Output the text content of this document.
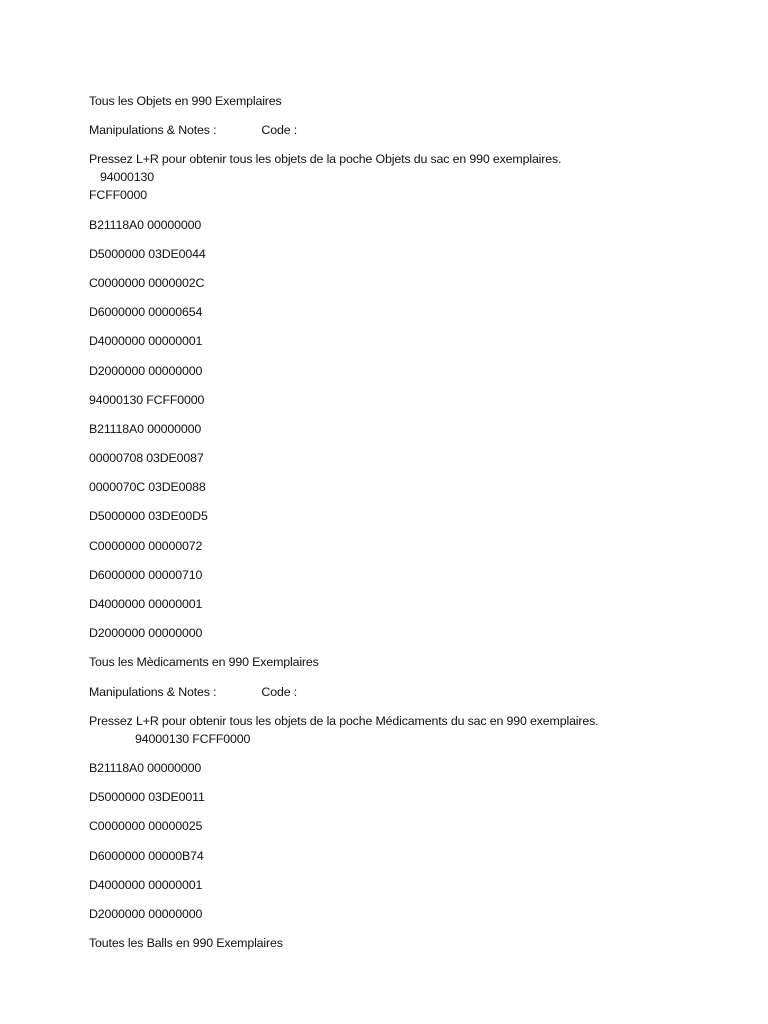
Tous les Objets en 990 Exemplaires
Manipulations & Notes :	Code :
Pressez L+R pour obtenir tous les objets de la poche Objets du sac en 990 exemplaires.
94000130
FCFF0000
B21118A0 00000000
D5000000 03DE0044
C0000000 0000002C
D6000000 00000654
D4000000 00000001
D2000000 00000000
94000130 FCFF0000
B21118A0 00000000
00000708 03DE0087
0000070C 03DE0088
D5000000 03DE00D5
C0000000 00000072
D6000000 00000710
D4000000 00000001
D2000000 00000000
Tous les Mèdicaments en 990 Exemplaires
Manipulations & Notes :	Code :
Pressez L+R pour obtenir tous les objets de la poche Médicaments du sac en 990 exemplaires.
94000130 FCFF0000
B21118A0 00000000
D5000000 03DE0011
C0000000 00000025
D6000000 00000B74
D4000000 00000001
D2000000 00000000
Toutes les Balls en 990 Exemplaires
